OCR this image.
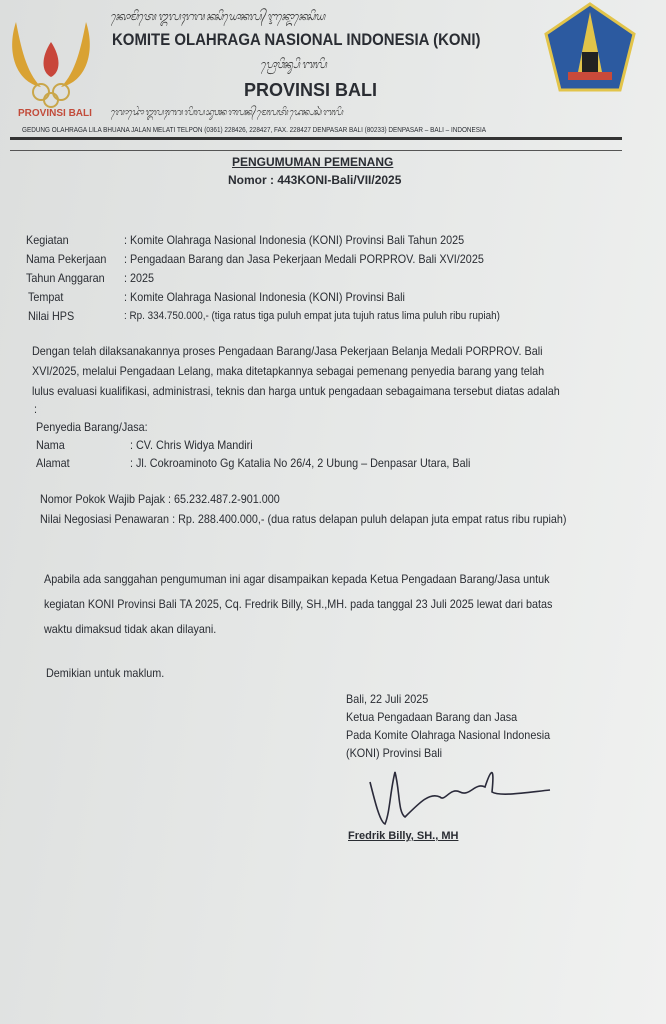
PROVINSI BALI
ᬓᭀᬫᬶᬢᬾ ᬑᬮᬄᬭᬕ ᬦᬲᬶᬬᭀᬦᬮ᭄ ᬇᬦ᭄ᬤᭀᬦᬾᬲᬶᬬ
KOMITE OLAHRAGA NASIONAL INDONESIA (KONI)
ᬧ᭄ᬭᭀᬯᬶᬦ᭄ᬲᬶ ᬩᬮᬶ
PROVINSI BALI
ᬕᭀᬤᭀᬂ ᬑᬮᬄᬭᬕ ᬮᬶᬮ ᬪᬸᬯᬦ ᬚᬮᬦ᭄ ᬫᬾᬮᬢᬶ ᬤᬾᬦ᭄ᬧᬲᬃ ᬩᬮᬶ
GEDUNG OLAHRAGA LILA BHUANA JALAN MELATI TELPON (0361) 228426, 228427, FAX. 228427 DENPASAR BALI (80233) DENPASAR – BALI – INDONESIA
PENGUMUMAN PEMENANG
Nomor : 443KONI-Bali/VII/2025
Kegiatan	: Komite Olahraga Nasional Indonesia (KONI) Provinsi Bali Tahun 2025
Nama Pekerjaan : Pengadaan Barang dan Jasa Pekerjaan Medali PORPROV. Bali XVI/2025
Tahun Anggaran : 2025
Tempat	: Komite Olahraga Nasional Indonesia (KONI) Provinsi Bali
Nilai HPS	: Rp. 334.750.000,- (tiga ratus tiga puluh empat juta tujuh ratus lima puluh ribu rupiah)
Dengan telah dilaksanakannya proses Pengadaan Barang/Jasa Pekerjaan Belanja Medali PORPROV. Bali
XVI/2025, melalui Pengadaan Lelang, maka ditetapkannya sebagai pemenang penyedia barang yang telah
lulus evaluasi kualifikasi, administrasi, teknis dan harga untuk pengadaan sebagaimana tersebut diatas adalah
:
Penyedia Barang/Jasa:
Nama	: CV. Chris Widya Mandiri
Alamat	: Jl. Cokroaminoto Gg Katalia No 26/4, 2 Ubung – Denpasar Utara, Bali
Nomor Pokok Wajib Pajak : 65.232.487.2-901.000
Nilai Negosiasi Penawaran : Rp. 288.400.000,- (dua ratus delapan puluh delapan juta empat ratus ribu rupiah)
Apabila ada sanggahan pengumuman ini agar disampaikan kepada Ketua Pengadaan Barang/Jasa untuk
kegiatan KONI Provinsi Bali TA 2025, Cq. Fredrik Billy, SH.,MH. pada tanggal 23 Juli 2025 lewat dari batas
waktu dimaksud tidak akan dilayani.
Demikian untuk maklum.
Bali, 22 Juli 2025
Ketua Pengadaan Barang dan Jasa
Pada Komite Olahraga Nasional Indonesia
(KONI) Provinsi Bali
Fredrik Billy, SH., MH
